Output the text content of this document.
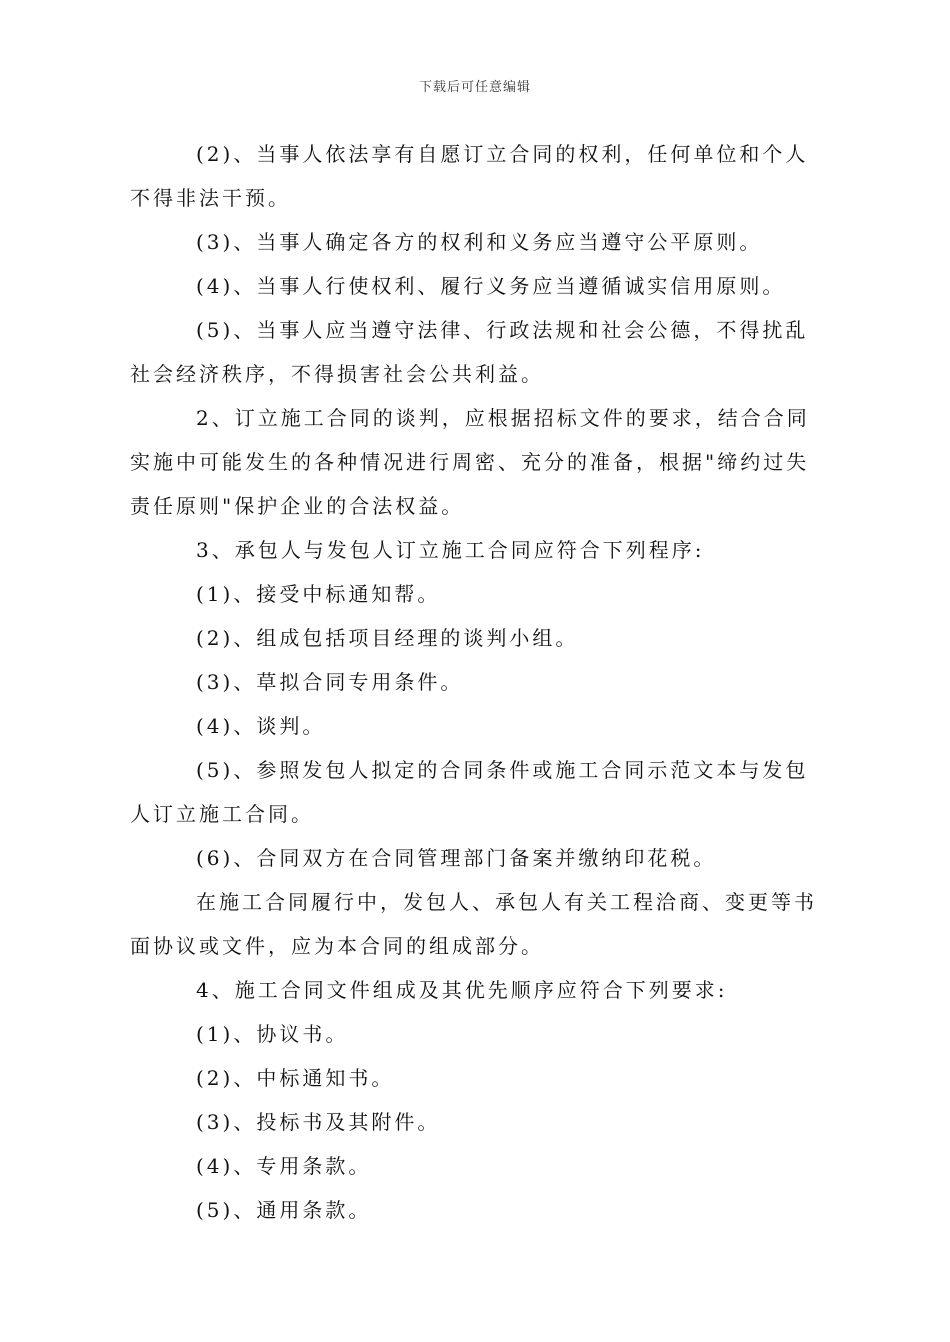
下载后可任意编辑

(2)、当事人依法享有自愿订立合同的权利，任何单位和个人不得非法干预。

(3)、当事人确定各方的权利和义务应当遵守公平原则。

(4)、当事人行使权利、履行义务应当遵循诚实信用原则。

(5)、当事人应当遵守法律、行政法规和社会公德，不得扰乱社会经济秩序，不得损害社会公共利益。

2、订立施工合同的谈判，应根据招标文件的要求，结合合同实施中可能发生的各种情况进行周密、充分的准备，根据"缔约过失责任原则"保护企业的合法权益。

3、承包人与发包人订立施工合同应符合下列程序:

(1)、接受中标通知帮。

(2)、组成包括项目经理的谈判小组。

(3)、草拟合同专用条件。

(4)、谈判。

(5)、参照发包人拟定的合同条件或施工合同示范文本与发包人订立施工合同。

(6)、合同双方在合同管理部门备案并缴纳印花税。

在施工合同履行中，发包人、承包人有关工程洽商、变更等书面协议或文件，应为本合同的组成部分。

4、施工合同文件组成及其优先顺序应符合下列要求:

(1)、协议书。

(2)、中标通知书。

(3)、投标书及其附件。

(4)、专用条款。

(5)、通用条款。
